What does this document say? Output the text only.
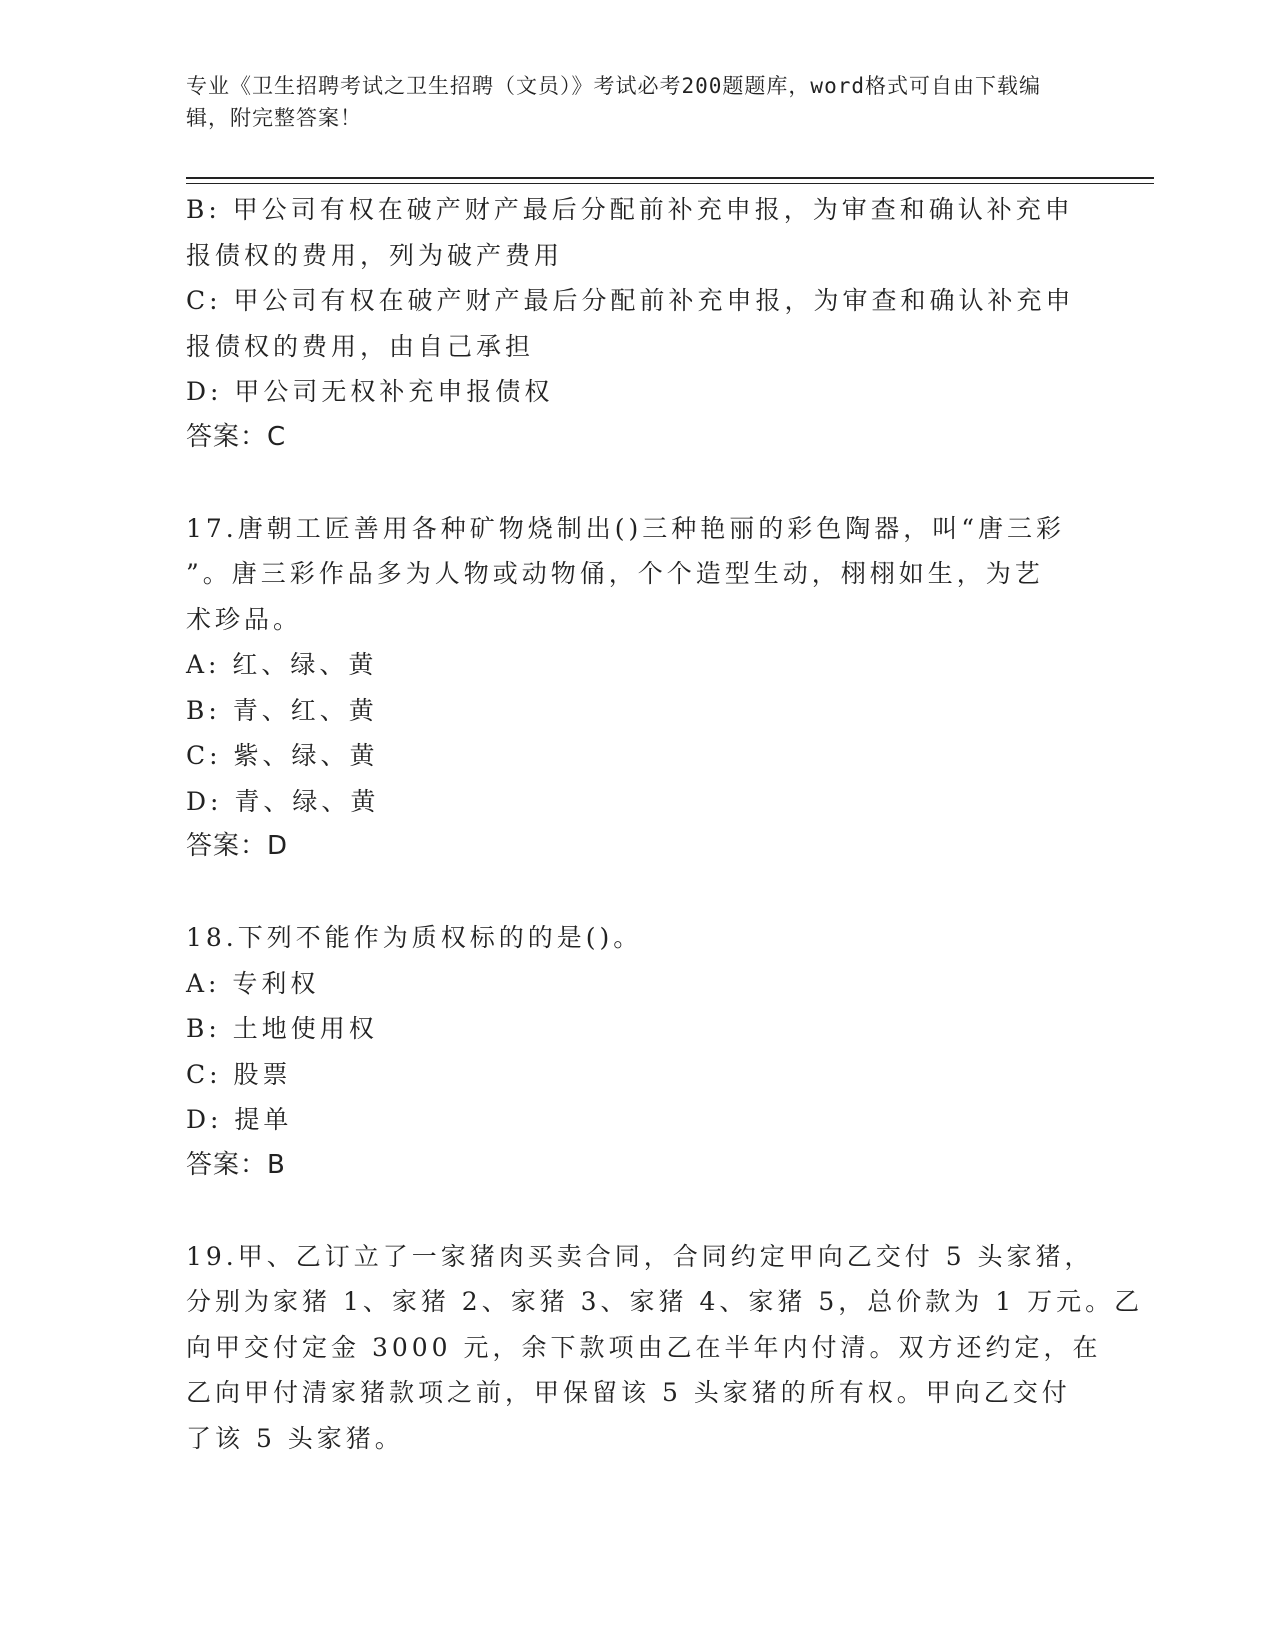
专业《卫生招聘考试之卫生招聘（文员）》考试必考200题题库，word格式可自由下载编辑，附完整答案！
B: 甲公司有权在破产财产最后分配前补充申报，为审查和确认补充申
报债权的费用，列为破产费用
C: 甲公司有权在破产财产最后分配前补充申报，为审查和确认补充申
报债权的费用，由自己承担
D: 甲公司无权补充申报债权
答案：C
17.唐朝工匠善用各种矿物烧制出()三种艳丽的彩色陶器，叫“唐三彩
”。唐三彩作品多为人物或动物俑，个个造型生动，栩栩如生，为艺
术珍品。
A: 红、绿、黄
B: 青、红、黄
C: 紫、绿、黄
D: 青、绿、黄
答案：D
18.下列不能作为质权标的的是()。
A: 专利权
B: 土地使用权
C: 股票
D: 提单
答案：B
19.甲、乙订立了一家猪肉买卖合同，合同约定甲向乙交付 5 头家猪，
分别为家猪 1、家猪 2、家猪 3、家猪 4、家猪 5，总价款为 1 万元。乙
向甲交付定金 3000 元，余下款项由乙在半年内付清。双方还约定，在
乙向甲付清家猪款项之前，甲保留该 5 头家猪的所有权。甲向乙交付
了该 5 头家猪。
